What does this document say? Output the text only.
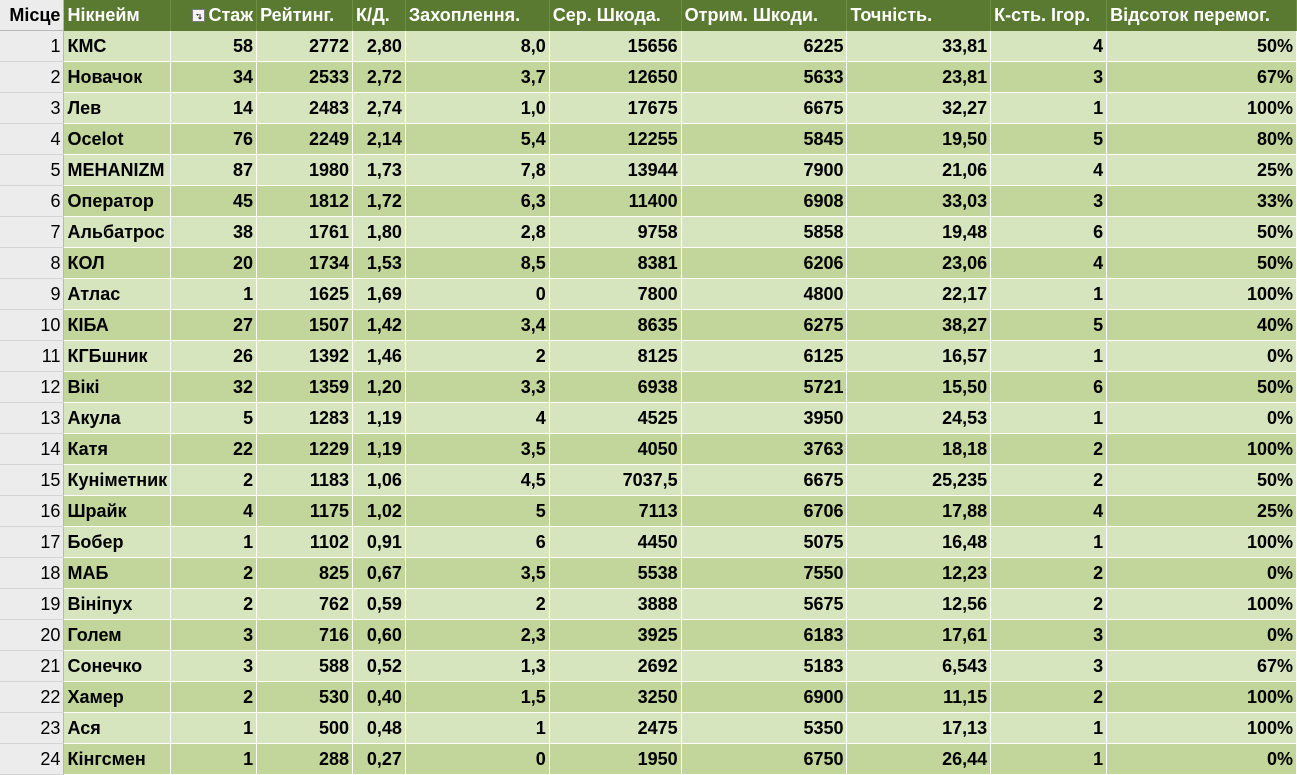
Місце	Нікнейм	Стаж	Рейтинг.	К/Д.	Захоплення.	Сер. Шкода.	Отрим. Шкоди.	Точність.	К-сть. Ігор.	Відсоток перемог.
1	КМС	58	2772	2,80	8,0	15656	6225	33,81	4	50%
2	Новачок	34	2533	2,72	3,7	12650	5633	23,81	3	67%
3	Лев	14	2483	2,74	1,0	17675	6675	32,27	1	100%
4	Ocelot	76	2249	2,14	5,4	12255	5845	19,50	5	80%
5	MEHANIZM	87	1980	1,73	7,8	13944	7900	21,06	4	25%
6	Оператор	45	1812	1,72	6,3	11400	6908	33,03	3	33%
7	Альбатрос	38	1761	1,80	2,8	9758	5858	19,48	6	50%
8	КОЛ	20	1734	1,53	8,5	8381	6206	23,06	4	50%
9	Атлас	1	1625	1,69	0	7800	4800	22,17	1	100%
10	КІБА	27	1507	1,42	3,4	8635	6275	38,27	5	40%
11	КГБшник	26	1392	1,46	2	8125	6125	16,57	1	0%
12	Вікі	32	1359	1,20	3,3	6938	5721	15,50	6	50%
13	Акула	5	1283	1,19	4	4525	3950	24,53	1	0%
14	Катя	22	1229	1,19	3,5	4050	3763	18,18	2	100%
15	Куніметник	2	1183	1,06	4,5	7037,5	6675	25,235	2	50%
16	Шрайк	4	1175	1,02	5	7113	6706	17,88	4	25%
17	Бобер	1	1102	0,91	6	4450	5075	16,48	1	100%
18	МАБ	2	825	0,67	3,5	5538	7550	12,23	2	0%
19	Вініпух	2	762	0,59	2	3888	5675	12,56	2	100%
20	Голем	3	716	0,60	2,3	3925	6183	17,61	3	0%
21	Сонечко	3	588	0,52	1,3	2692	5183	6,543	3	67%
22	Хамер	2	530	0,40	1,5	3250	6900	11,15	2	100%
23	Ася	1	500	0,48	1	2475	5350	17,13	1	100%
24	Кінгсмен	1	288	0,27	0	1950	6750	26,44	1	0%
